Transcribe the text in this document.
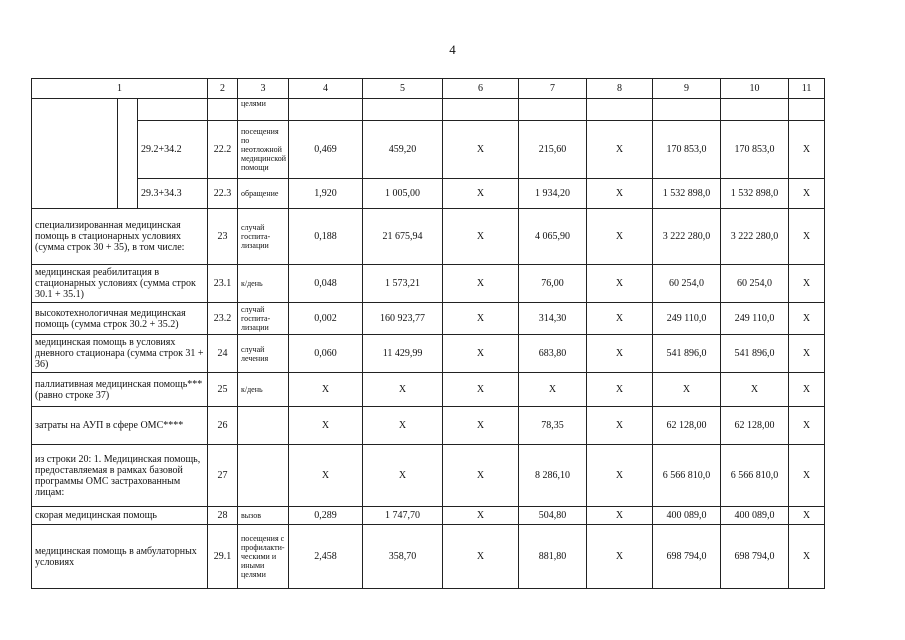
4
1			2	3	4	5	6	7	8	9	10	11
				целями								
		29.2+34.2	22.2	посещения по неотложной медицинской помощи	0,469	459,20	Х	215,60	Х	170 853,0	170 853,0	Х
		29.3+34.3	22.3	обращение	1,920	1 005,00	Х	1 934,20	Х	1 532 898,0	1 532 898,0	Х
специализированная медицинская помощь в стационарных условиях (сумма строк 30 + 35), в том числе:			23	случай госпита-лизации	0,188	21 675,94	Х	4 065,90	Х	3 222 280,0	3 222 280,0	Х
медицинская реабилитация в стационарных условиях (сумма строк 30.1 + 35.1)			23.1	к/день	0,048	1 573,21	Х	76,00	Х	60 254,0	60 254,0	Х
высокотехнологичная медицинская помощь (сумма строк 30.2 + 35.2)			23.2	случай госпита-лизации	0,002	160 923,77	Х	314,30	Х	249 110,0	249 110,0	Х
медицинская помощь в условиях дневного стационара (сумма строк 31 + 36)			24	случай лечения	0,060	11 429,99	Х	683,80	Х	541 896,0	541 896,0	Х
паллиативная медицинская помощь*** (равно строке 37)			25	к/день	Х	Х	Х	Х	Х	Х	Х	Х
затраты на АУП в сфере ОМС****			26		Х	Х	Х	78,35	Х	62 128,00	62 128,00	Х
из строки 20: 1. Медицинская помощь, предоставляемая в рамках базовой программы ОМС застрахованным лицам:			27		Х	Х	Х	8 286,10	Х	6 566 810,0	6 566 810,0	Х
скорая медицинская помощь			28	вызов	0,289	1 747,70	Х	504,80	Х	400 089,0	400 089,0	Х
медицинская помощь в амбулаторных условиях			29.1	посещения с профилакти-ческими и иными целями	2,458	358,70	Х	881,80	Х	698 794,0	698 794,0	Х
